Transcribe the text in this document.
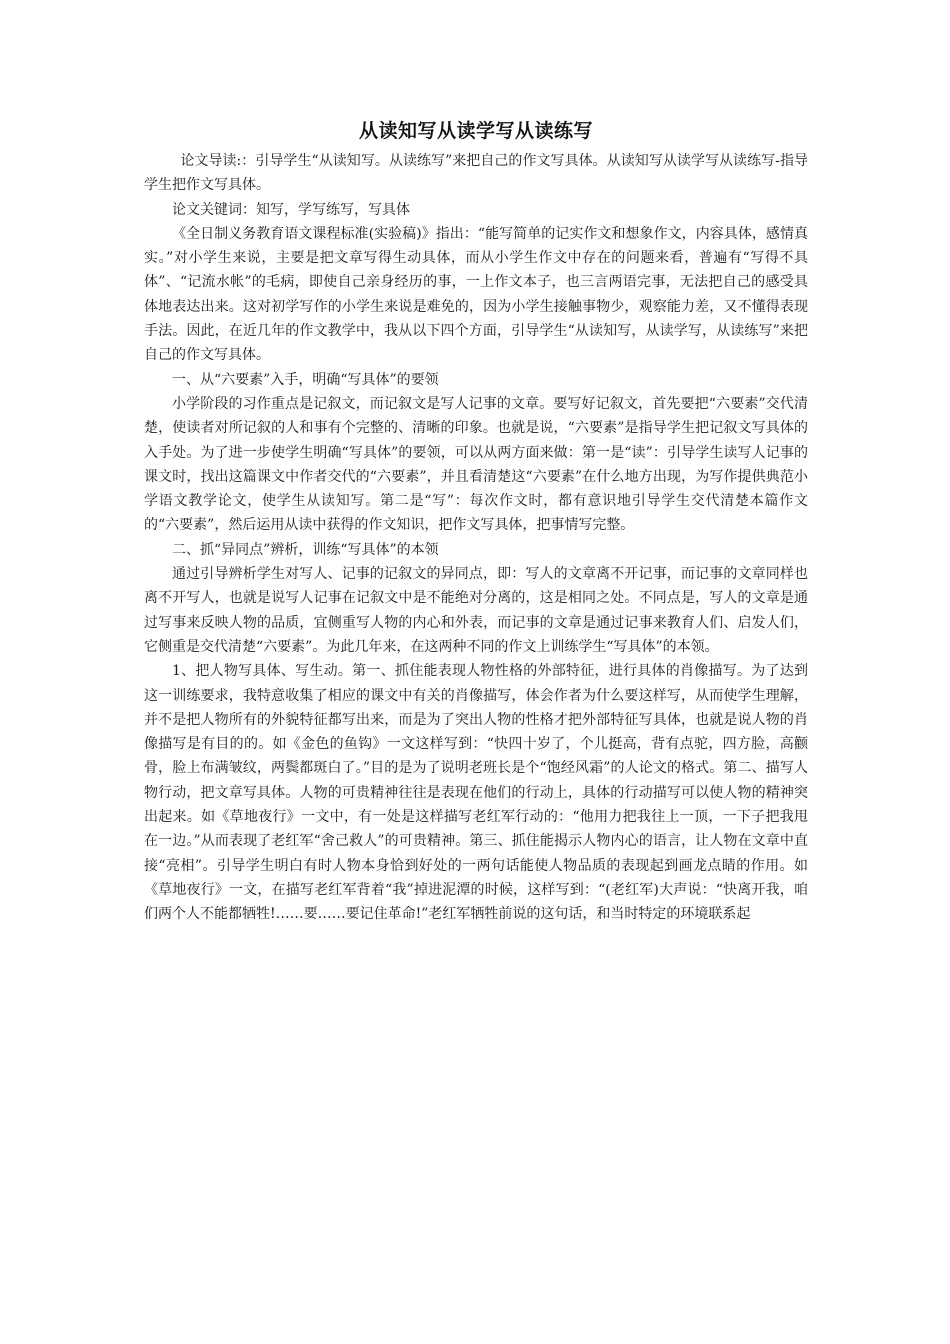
从读知写从读学写从读练写

论文导读:：引导学生“从读知写。从读练写”来把自己的作文写具体。从读知写从读学写从读练写-指导学生把作文写具体。

论文关键词：知写，学写练写，写具体

《全日制义务教育语文课程标准(实验稿)》指出：“能写简单的记实作文和想象作文，内容具体，感情真实。”对小学生来说，主要是把文章写得生动具体，而从小学生作文中存在的问题来看，普遍有“写得不具体”、“记流水帐”的毛病，即使自己亲身经历的事，一上作文本子，也三言两语完事，无法把自己的感受具体地表达出来。这对初学写作的小学生来说是难免的，因为小学生接触事物少，观察能力差，又不懂得表现手法。因此，在近几年的作文教学中，我从以下四个方面，引导学生“从读知写，从读学写，从读练写”来把自己的作文写具体。

一、从“六要素”入手，明确“写具体”的要领

小学阶段的习作重点是记叙文，而记叙文是写人记事的文章。要写好记叙文，首先要把“六要素”交代清楚，使读者对所记叙的人和事有个完整的、清晰的印象。也就是说，“六要素”是指导学生把记叙文写具体的入手处。为了进一步使学生明确“写具体”的要领，可以从两方面来做：第一是“读”：引导学生读写人记事的课文时，找出这篇课文中作者交代的“六要素”，并且看清楚这“六要素”在什么地方出现，为写作提供典范小学语文教学论文，使学生从读知写。第二是“写”：每次作文时，都有意识地引导学生交代清楚本篇作文的“六要素”，然后运用从读中获得的作文知识，把作文写具体，把事情写完整。

二、抓“异同点”辨析，训练“写具体”的本领

通过引导辨析学生对写人、记事的记叙文的异同点，即：写人的文章离不开记事，而记事的文章同样也离不开写人，也就是说写人记事在记叙文中是不能绝对分离的，这是相同之处。不同点是，写人的文章是通过写事来反映人物的品质，宜侧重写人物的内心和外表，而记事的文章是通过记事来教育人们、启发人们，它侧重是交代清楚“六要素”。为此几年来，在这两种不同的作文上训练学生“写具体”的本领。

1、把人物写具体、写生动。第一、抓住能表现人物性格的外部特征，进行具体的肖像描写。为了达到这一训练要求，我特意收集了相应的课文中有关的肖像描写，体会作者为什么要这样写，从而使学生理解，并不是把人物所有的外貌特征都写出来，而是为了突出人物的性格才把外部特征写具体，也就是说人物的肖像描写是有目的的。如《金色的鱼钩》一文这样写到：“快四十岁了，个儿挺高，背有点驼，四方脸，高颧骨，脸上布满皱纹，两鬓都斑白了。”目的是为了说明老班长是个“饱经风霜”的人论文的格式。第二、描写人物行动，把文章写具体。人物的可贵精神往往是表现在他们的行动上，具体的行动描写可以使人物的精神突出起来。如《草地夜行》一文中，有一处是这样描写老红军行动的：“他用力把我往上一顶，一下子把我甩在一边。”从而表现了老红军“舍己救人”的可贵精神。第三、抓住能揭示人物内心的语言，让人物在文章中直接“亮相”。引导学生明白有时人物本身恰到好处的一两句话能使人物品质的表现起到画龙点睛的作用。如《草地夜行》一文，在描写老红军背着“我”掉进泥潭的时候，这样写到：“(老红军)大声说：“快离开我，咱们两个人不能都牺牲!……要……要记住革命!”老红军牺牲前说的这句话，和当时特定的环境联系起
